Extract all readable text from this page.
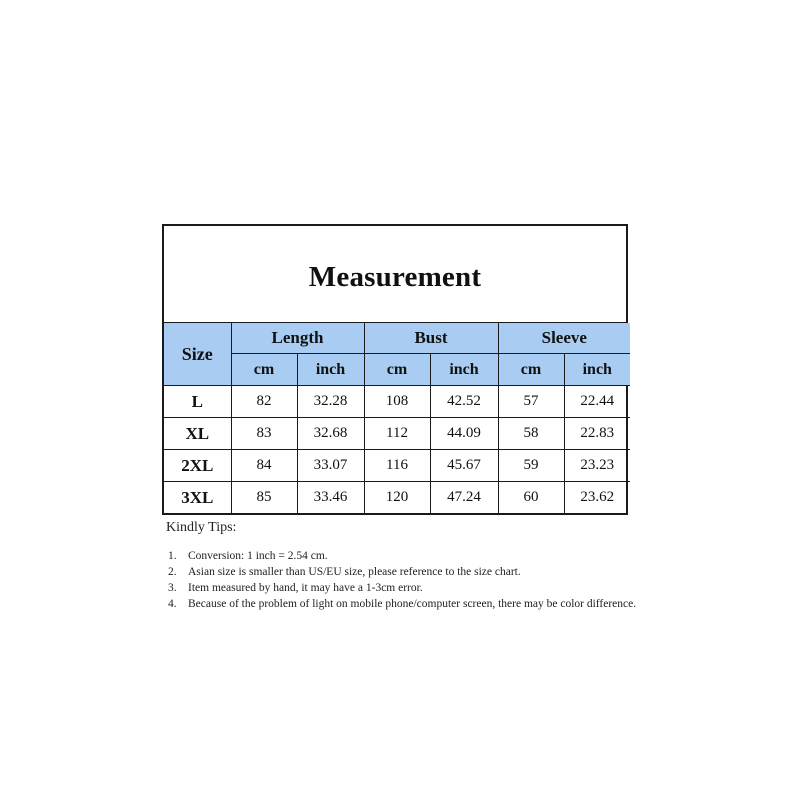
Measurement
Size	Length		Bust		Sleeve	
	cm	inch	cm	inch	cm	inch
L	82	32.28	108	42.52	57	22.44
XL	83	32.68	112	44.09	58	22.83
2XL	84	33.07	116	45.67	59	23.23
3XL	85	33.46	120	47.24	60	23.62
Kindly Tips:
1. Conversion: 1 inch = 2.54 cm.
2. Asian size is smaller than US/EU size, please reference to the size chart.
3. Item measured by hand, it may have a 1-3cm error.
4. Because of the problem of light on mobile phone/computer screen, there may be color difference.
